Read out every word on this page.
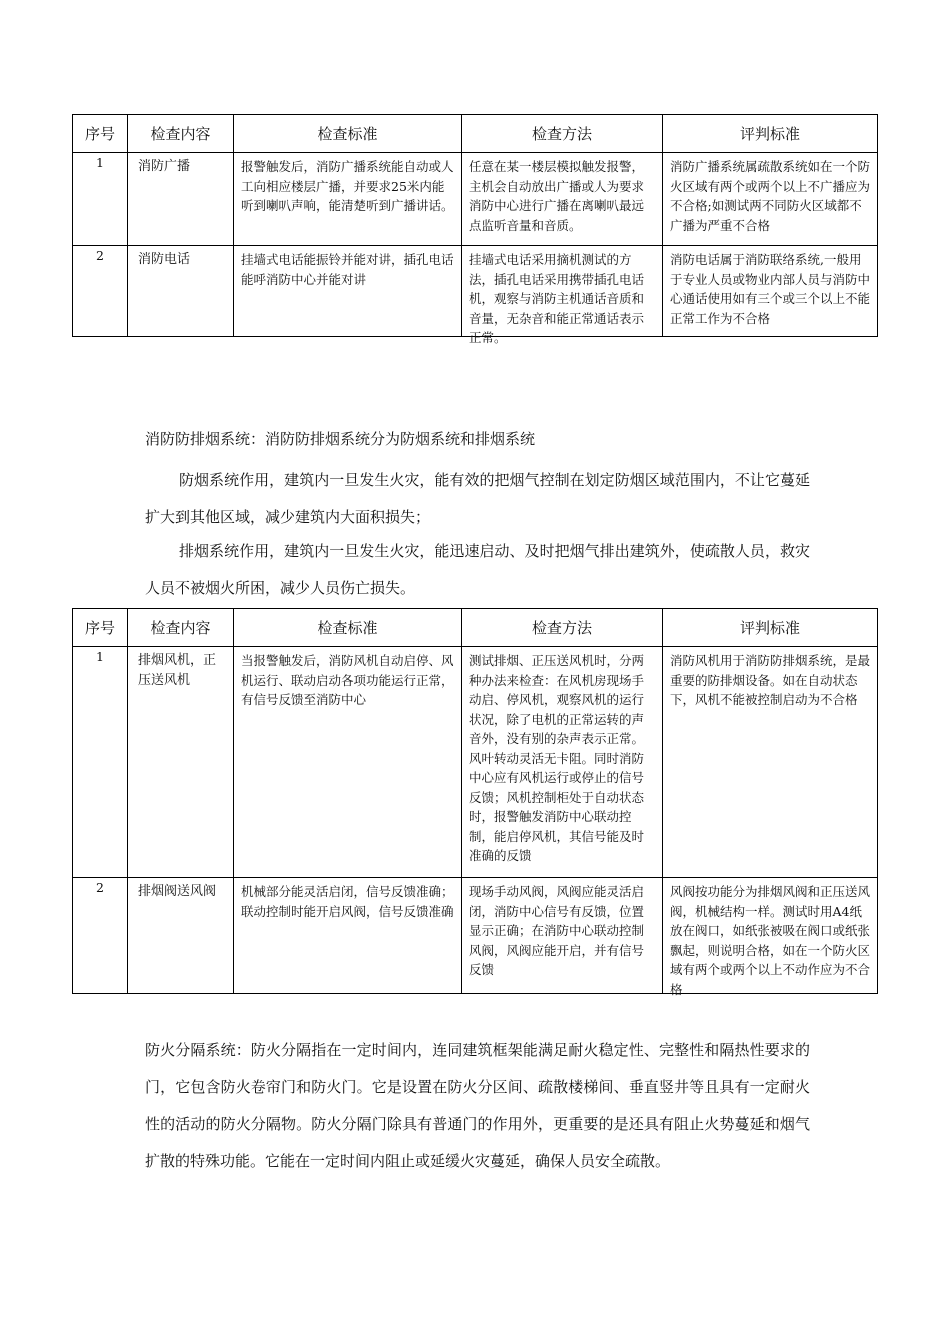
序号	检查内容	检查标准	检查方法	评判标准
1	消防广播	报警触发后，消防广播系统能自动或人工向相应楼层广播，并要求25米内能听到喇叭声响，能清楚听到广播讲话。	任意在某一楼层模拟触发报警，主机会自动放出广播或人为要求消防中心进行广播在离喇叭最远点监听音量和音质。	消防广播系统属疏散系统如在一个防火区域有两个或两个以上不广播应为不合格;如测试两不同防火区域都不广播为严重不合格

2	消防电话	挂墙式电话能振铃并能对讲，插孔电话能呼消防中心并能对讲	挂墙式电话采用摘机测试的方法，插孔电话采用携带插孔电话机，观察与消防主机通话音质和音量，无杂音和能正常通话表示正常。	消防电话属于消防联络系统,一般用于专业人员或物业内部人员与消防中心通话使用如有三个或三个以上不能正常工作为不合格

消防防排烟系统：消防防排烟系统分为防烟系统和排烟系统

防烟系统作用，建筑内一旦发生火灾，能有效的把烟气控制在划定防烟区域范围内，不让它蔓延扩大到其他区域，减少建筑内大面积损失；

排烟系统作用，建筑内一旦发生火灾，能迅速启动、及时把烟气排出建筑外，使疏散人员，救灾人员不被烟火所困，减少人员伤亡损失。

序号	检查内容	检查标准	检查方法	评判标准
1	排烟风机，正压送风机	当报警触发后，消防风机自动启停、风机运行、联动启动各项功能运行正常，有信号反馈至消防中心	测试排烟、正压送风机时，分两种办法来检查：在风机房现场手动启、停风机，观察风机的运行状况，除了电机的正常运转的声音外，没有别的杂声表示正常。风叶转动灵活无卡阻。同时消防中心应有风机运行或停止的信号反馈；风机控制柜处于自动状态时，报警触发消防中心联动控制，能启停风机，其信号能及时准确的反馈	消防风机用于消防防排烟系统，是最重要的防排烟设备。如在自动状态下，风机不能被控制启动为不合格

2	排烟阀送风阀	机械部分能灵活启闭，信号反馈准确；联动控制时能开启风阀，信号反馈准确	现场手动风阀，风阀应能灵活启闭，消防中心信号有反馈，位置显示正确；在消防中心联动控制风阀，风阀应能开启，并有信号反馈	风阀按功能分为排烟风阀和正压送风阀，机械结构一样。测试时用A4纸放在阀口，如纸张被吸在阀口或纸张飘起，则说明合格，如在一个防火区域有两个或两个以上不动作应为不合格

防火分隔系统：防火分隔指在一定时间内，连同建筑框架能满足耐火稳定性、完整性和隔热性要求的门，它包含防火卷帘门和防火门。它是设置在防火分区间、疏散楼梯间、垂直竖井等且具有一定耐火性的活动的防火分隔物。防火分隔门除具有普通门的作用外，更重要的是还具有阻止火势蔓延和烟气扩散的特殊功能。它能在一定时间内阻止或延缓火灾蔓延，确保人员安全疏散。
